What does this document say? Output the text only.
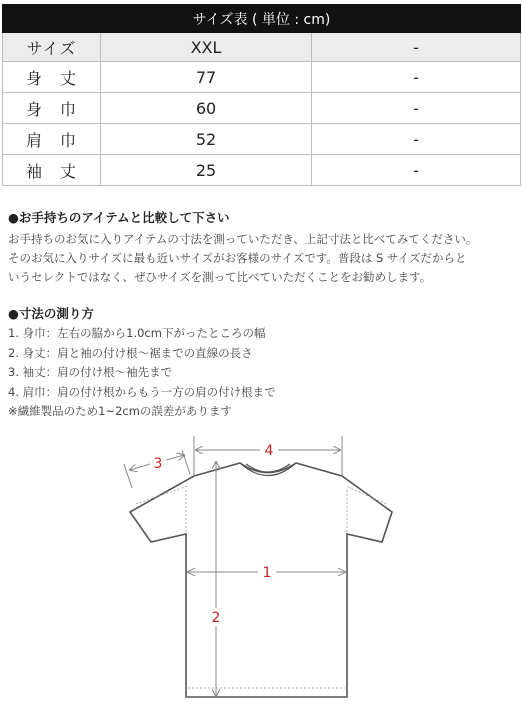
サイズ表 ( 単位 : cm)		
サイズ	XXL	-
身　丈	77	-
身　巾	60	-
肩　巾	52	-
袖　丈	25	-
●お手持ちのアイテムと比較して下さい
お手持ちのお気に入りアイテムの寸法を測っていただき、上記寸法と比べてみてください。
そのお気に入りサイズに最も近いサイズがお客様のサイズです。普段は S サイズだからと
いうセレクトではなく、ぜひサイズを測って比べていただくことをお勧めします。
●寸法の測り方
1. 身巾：左右の脇から1.0cm下がったところの幅
2. 身丈：肩と袖の付け根～裾までの直線の長さ
3. 袖丈：肩の付け根～袖先まで
4. 肩巾：肩の付け根からもう一方の肩の付け根まで
※繊維製品のため1~2cmの誤差があります
4
3
1
2
